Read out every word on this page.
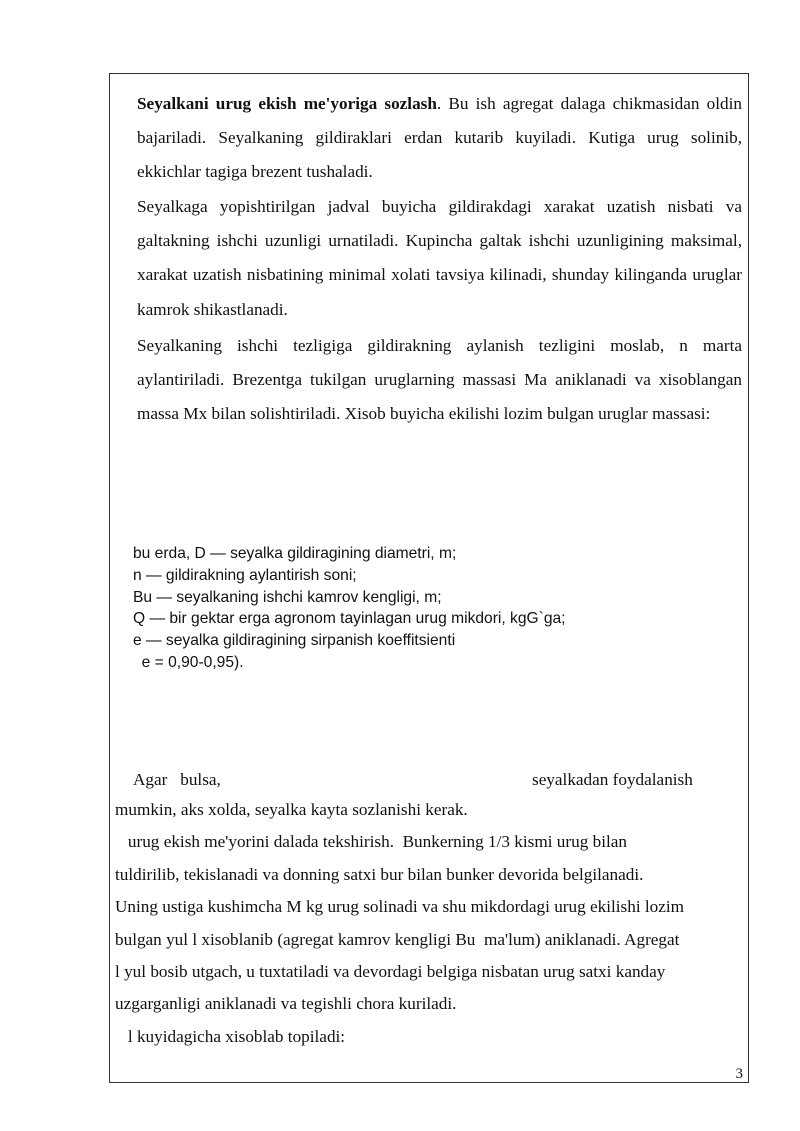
Seyalkani urug ekish me'yoriga sozlash. Bu ish agregat dalaga chikmasidan oldin bajariladi. Seyalkaning gildiraklari erdan kutarib kuyiladi. Kutiga urug solinib, ekkichlar tagiga brezent tushaladi.
Seyalkaga yopishtirilgan jadval buyicha gildirakdagi xarakat uzatish nisbati va galtakning ishchi uzunligi urnatiladi. Kupincha galtak ishchi uzunligining maksimal, xarakat uzatish nisbatining minimal xolati tavsiya kilinadi, shunday kilinganda uruglar kamrok shikastlanadi.
Seyalkaning ishchi tezligiga gildirakning aylanish tezligini moslab, n marta aylantiriladi. Brezentga tukilgan uruglarning massasi Ma aniklanadi va xisoblangan massa Mx bilan solishtiriladi. Xisob buyicha ekilishi lozim bulgan uruglar massasi:
bu erda, D — seyalka gildiragining diametri, m;
n — gildirakning aylantirish soni;
Bu — seyalkaning ishchi kamrov kengligi, m;
Q — bir gektar erga agronom tayinlagan urug mikdori, kgG`ga;
e — seyalka gildiragining sirpanish koeffitsienti
e = 0,90-0,95).
Agar   bulsa,	seyalkadan foydalanish
mumkin, aks xolda, seyalka kayta sozlanishi kerak.
urug ekish me'yorini dalada tekshirish.  Bunkerning 1/3 kismi urug bilan
tuldirilib, tekislanadi va donning satxi bur bilan bunker devorida belgilanadi.
Uning ustiga kushimcha M kg urug solinadi va shu mikdordagi urug ekilishi lozim
bulgan yul l xisoblanib (agregat kamrov kengligi Bu  ma'lum) aniklanadi. Agregat
l yul bosib utgach, u tuxtatiladi va devordagi belgiga nisbatan urug satxi kanday
uzgarganligi aniklanadi va tegishli chora kuriladi.
l kuyidagicha xisoblab topiladi:
3
